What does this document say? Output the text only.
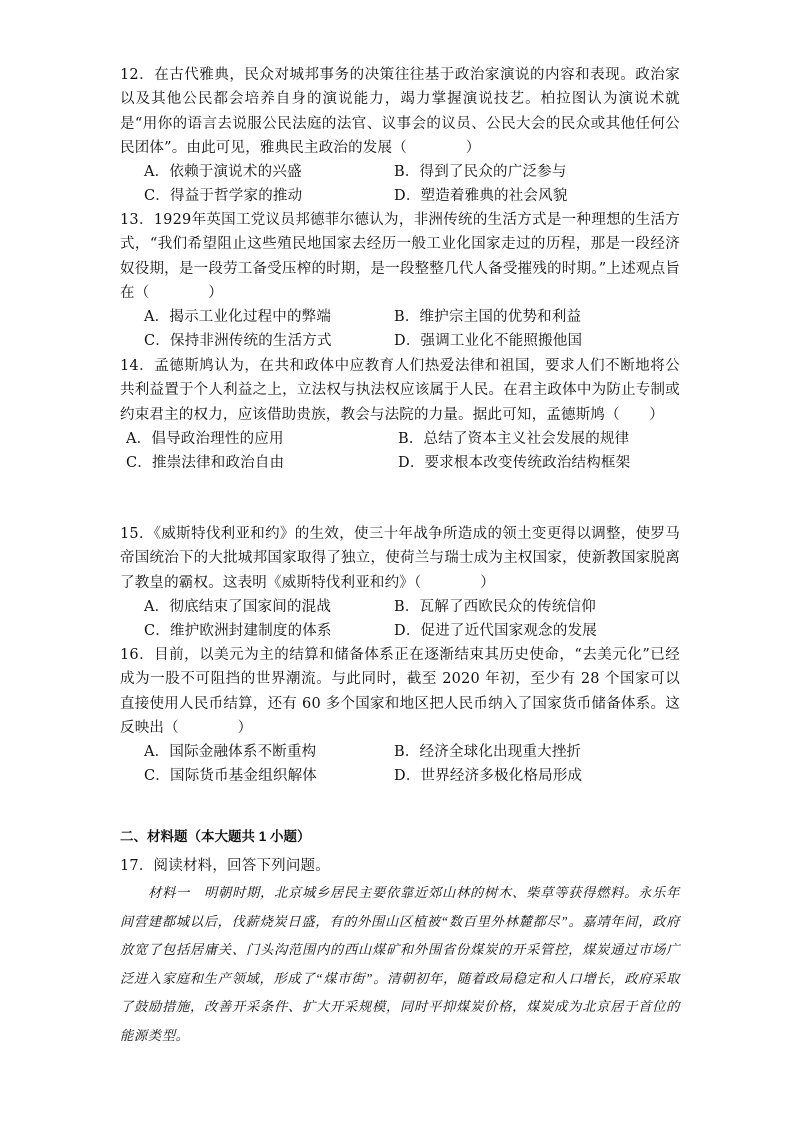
12．在古代雅典，民众对城邦事务的决策往往基于政治家演说的内容和表现。政治家以及其他公民都会培养自身的演说能力，竭力掌握演说技艺。柏拉图认为演说术就是“用你的语言去说服公民法庭的法官、议事会的议员、公民大会的民众或其他任何公民团体”。由此可见，雅典民主政治的发展（　　　　）

A．依赖于演说术的兴盛	B．得到了民众的广泛参与
C．得益于哲学家的推动	D．塑造着雅典的社会风貌

13．1929年英国工党议员邦德菲尔德认为，非洲传统的生活方式是一种理想的生活方式，“我们希望阻止这些殖民地国家去经历一般工业化国家走过的历程，那是一段经济奴役期，是一段劳工备受压榨的时期，是一段整整几代人备受摧残的时期。”上述观点旨在（　　　　）

A．揭示工业化过程中的弊端	B．维护宗主国的优势和利益
C．保持非洲传统的生活方式	D．强调工业化不能照搬他国

14．孟德斯鸠认为，在共和政体中应教育人们热爱法律和祖国，要求人们不断地将公共利益置于个人利益之上，立法权与执法权应该属于人民。在君主政体中为防止专制或约束君主的权力，应该借助贵族，教会与法院的力量。据此可知，孟德斯鸠（　　）

A．倡导政治理性的应用	B．总结了资本主义社会发展的规律
C．推崇法律和政治自由	D．要求根本改变传统政治结构框架

15．《威斯特伐利亚和约》的生效，使三十年战争所造成的领土变更得以调整，使罗马帝国统治下的大批城邦国家取得了独立，使荷兰与瑞士成为主权国家，使新教国家脱离了教皇的霸权。这表明《威斯特伐利亚和约》（　　　　）

A．彻底结束了国家间的混战	B．瓦解了西欧民众的传统信仰
C．维护欧洲封建制度的体系	D．促进了近代国家观念的发展

16．目前，以美元为主的结算和储备体系正在逐渐结束其历史使命，“去美元化”已经成为一股不可阻挡的世界潮流。与此同时，截至 2020 年初，至少有 28 个国家可以直接使用人民币结算，还有 60 多个国家和地区把人民币纳入了国家货币储备体系。这反映出（　　　　）

A．国际金融体系不断重构	B．经济全球化出现重大挫折
C．国际货币基金组织解体	D．世界经济多极化格局形成
二、材料题（本大题共 1 小题）
17．阅读材料，回答下列问题。

材料一　明朝时期，北京城乡居民主要依靠近郊山林的树木、柴草等获得燃料。永乐年间营建都城以后，伐薪烧炭日盛，有的外围山区植被“数百里外林麓都尽”。嘉靖年间，政府放宽了包括居庸关、门头沟范围内的西山煤矿和外围省份煤炭的开采管控，煤炭通过市场广泛进入家庭和生产领域，形成了“煤市街”。清朝初年，随着政局稳定和人口增长，政府采取了鼓励措施，改善开采条件、扩大开采规模，同时平抑煤炭价格，煤炭成为北京居于首位的能源类型。
